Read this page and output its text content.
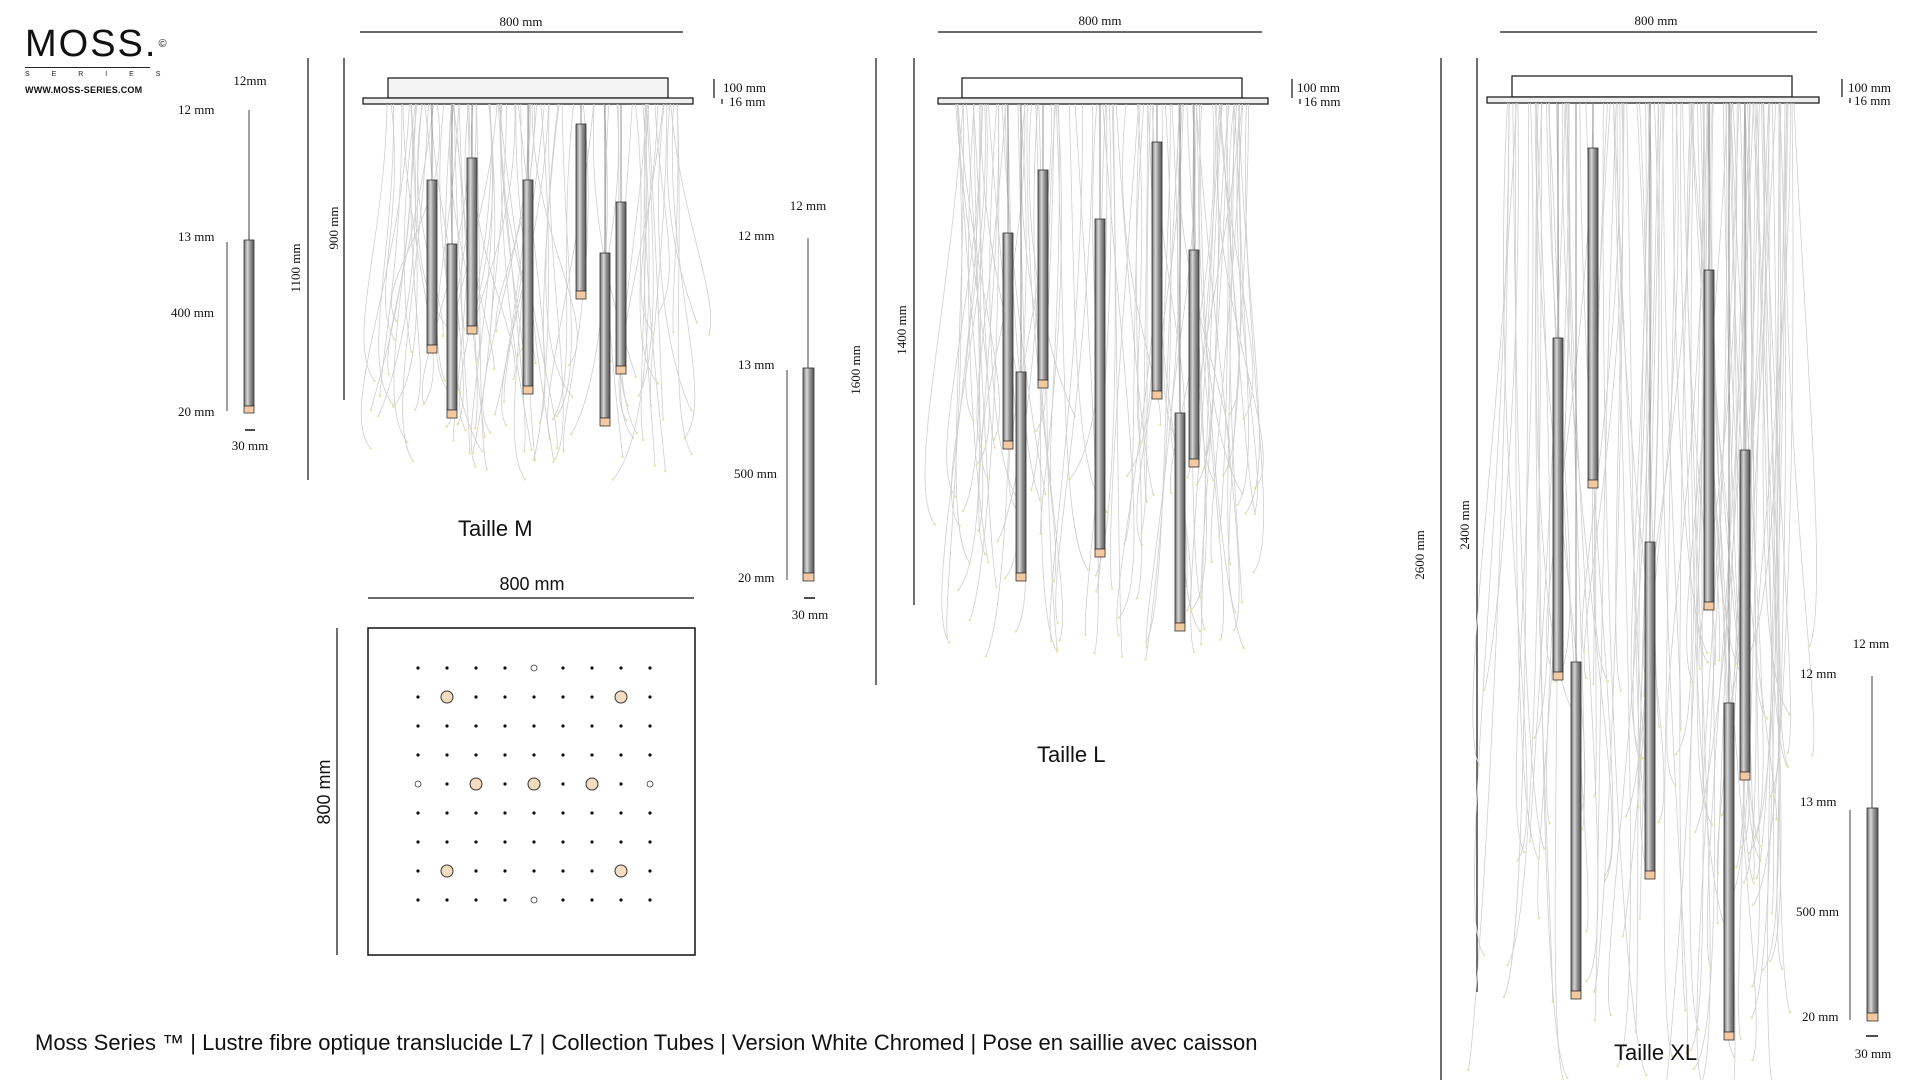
800 mm
100 mm
16 mm
900 mm
1100 mm
12mm
12 mm
13 mm
400 mm
20 mm
30 mm
12 mm
12 mm
13 mm
500 mm
20 mm
30 mm
800 mm
100 mm
16 mm
1400 mm
1600 mm
800 mm
100 mm
16 mm
2400 mm
2600 mm
12 mm
12 mm
13 mm
500 mm
20 mm
30 mm
800 mm
800 mm
MOSS.©
S E R I E S
WWW.MOSS-SERIES.COM
Taille M
Taille L
Taille XL
Moss Series ™ | Lustre fibre optique translucide L7 | Collection Tubes | Version White Chromed | Pose en saillie avec caisson
